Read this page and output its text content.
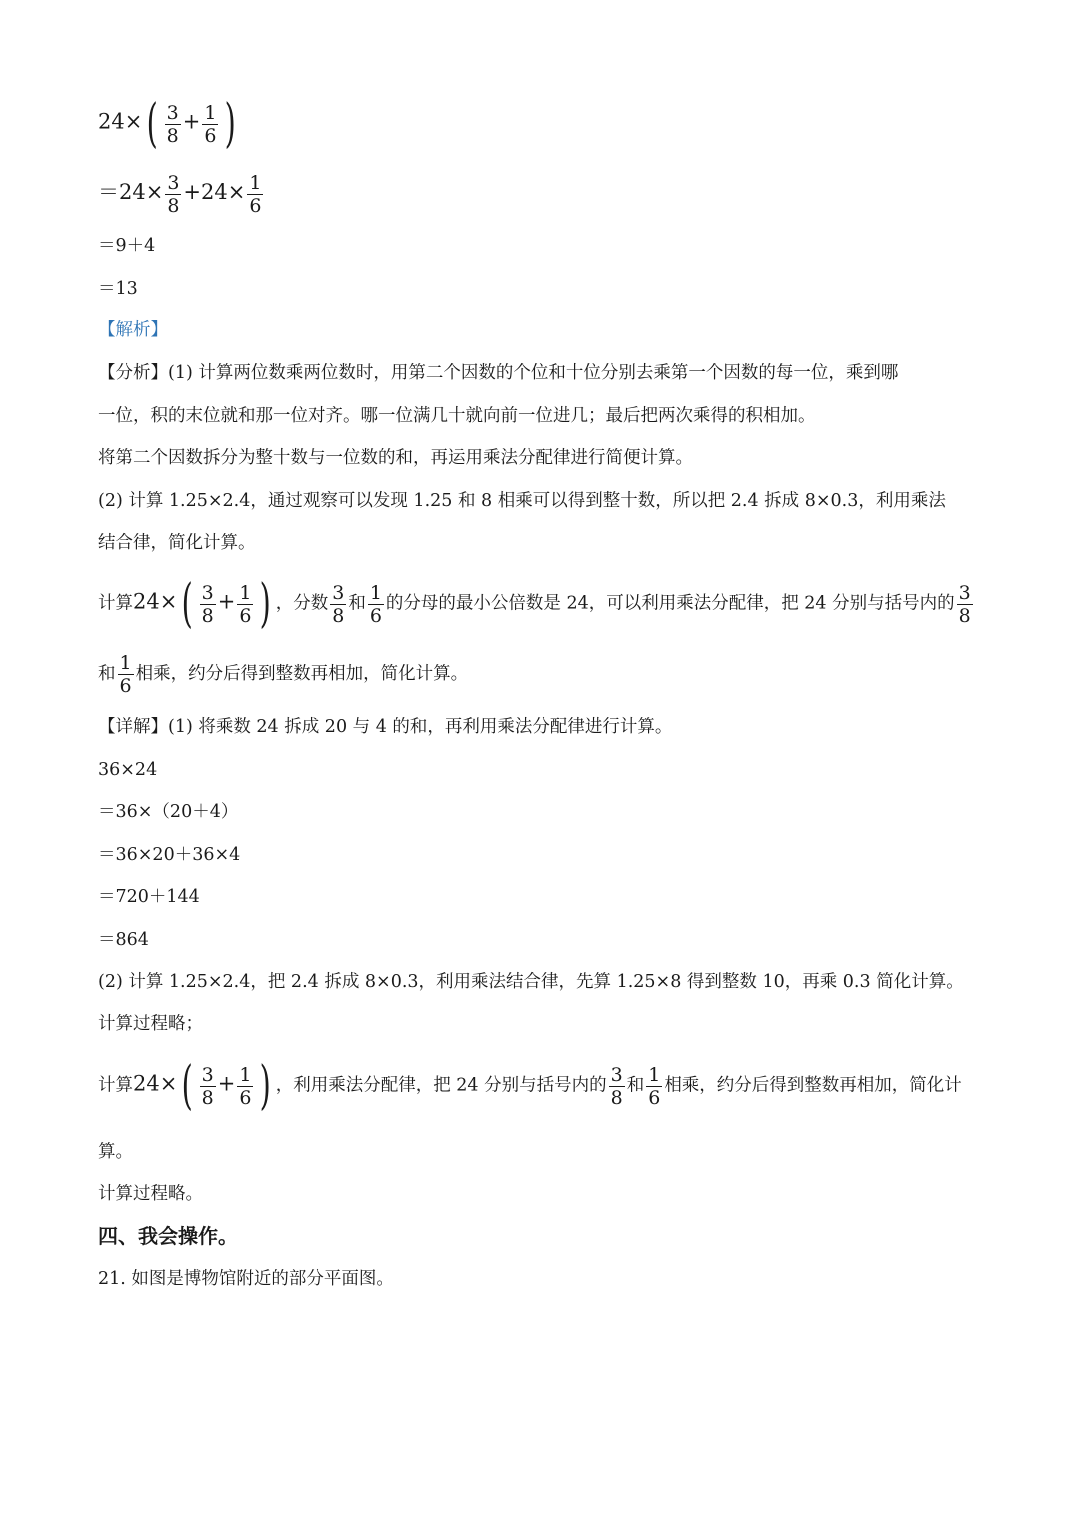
$24\times( \frac{3}{8} + \frac{1}{6}$ )
$=24\times \frac{3}{8} +24\times \frac{1}{6}$
＝9＋4
＝13
【解析】
【分析】(1) 计算两位数乘两位数时，用第二个因数的个位和十位分别去乘第一个因数的每一位，乘到哪
一位，积的末位就和那一位对齐。哪一位满几十就向前一位进几；最后把两次乘得的积相加。
将第二个因数拆分为整十数与一位数的和，再运用乘法分配律进行简便计算。
(2) 计算 1.25×2.4，通过观察可以发现 1.25 和 8 相乘可以得到整十数，所以把 2.4 拆成 8×0.3，利用乘法
结合律，简化计算。
计算$24\times( \frac{3}{8} + \frac{1}{6}$ ) ，分数 $\frac{3}{8}$ 和 $\frac{1}{6}$ 的分母的最小公倍数是 24，可以利用乘法分配律，把 24 分别与括号内的 $\frac{3}{8}$
和 $\frac{1}{6}$ 相乘，约分后得到整数再相加，简化计算。
【详解】(1) 将乘数 24 拆成 20 与 4 的和，再利用乘法分配律进行计算。
36×24
＝36×（20＋4）
＝36×20＋36×4
＝720＋144
＝864
(2) 计算 1.25×2.4，把 2.4 拆成 8×0.3，利用乘法结合律，先算 1.25×8 得到整数 10，再乘 0.3 简化计算。
计算过程略；
计算$24\times( \frac{3}{8} + \frac{1}{6}$ ) ，利用乘法分配律，把 24 分别与括号内的 $\frac{3}{8}$ 和 $\frac{1}{6}$ 相乘，约分后得到整数再相加，简化计
算。
计算过程略。
四、我会操作。
21. 如图是博物馆附近的部分平面图。
